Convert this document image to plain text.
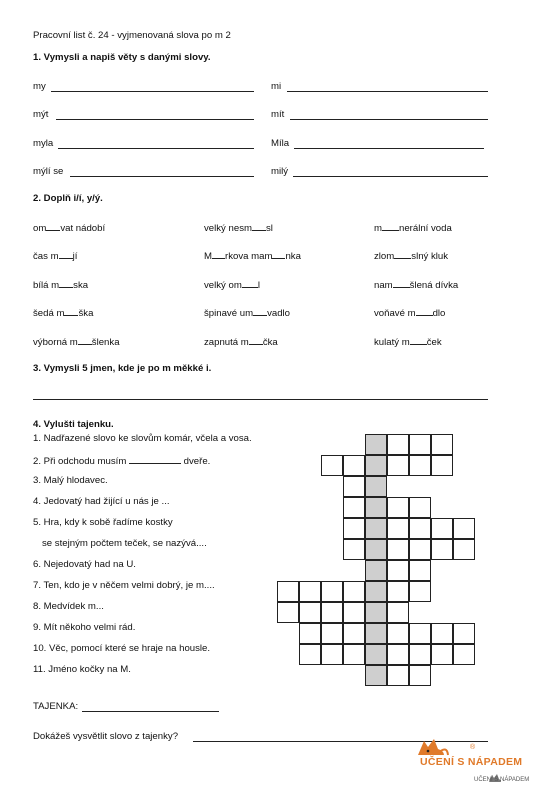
Pracovní list č. 24 - vyjmenovaná slova po m 2
1. Vymysli a napiš věty s danými slovy.
my	mi
mýt	mít
myla	Míla
mýlí se	milý
2. Doplň i/í, y/ý.
om vat nádobí	velký nesm sl	m nerální voda
čas m jí	M rkova mam nka	zlom slný kluk
bílá m ska	velký om l	nam šlená dívka
šedá m ška	špinavé um vadlo	voňavé m dlo
výborná m šlenka	zapnutá m čka	kulatý m ček
3. Vymysli 5 jmen, kde je po m měkké i.
4. Vylušti tajenku.
1. Nadřazené slovo ke slovům komár, včela a vosa.
2. Při odchodu musím	dveře.
3. Malý hlodavec.
4. Jedovatý had žijící u nás je ...
5. Hra, kdy k sobě řadíme kostky
se stejným počtem teček, se nazývá....
6. Nejedovatý had na U.
7. Ten, kdo je v něčem velmi dobrý, je m....
8. Medvídek m...
9. Mít někoho velmi rád.
10. Věc, pomocí které se hraje na housle.
11. Jméno kočky na M.
TAJENKA:
Dokážeš vysvětlit slovo z tajenky?
®
UČENÍ S NÁPADEM
UČENÍ S NÁPADEM
